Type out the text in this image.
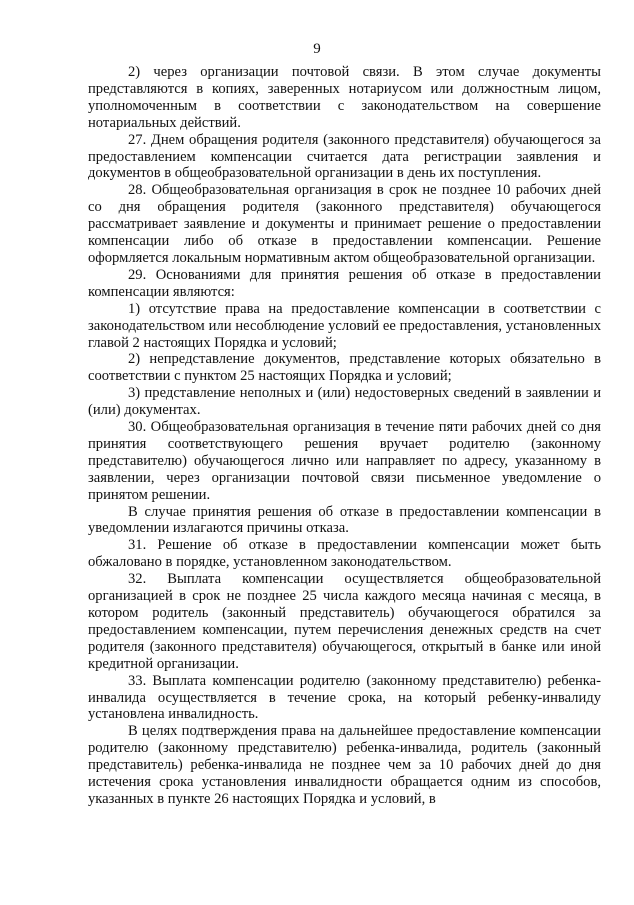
9

2) через организации почтовой связи. В этом случае документы представляются в копиях, заверенных нотариусом или должностным лицом, уполномоченным в соответствии с законодательством на совершение нотариальных действий.

27. Днем обращения родителя (законного представителя) обучающегося за предоставлением компенсации считается дата регистрации заявления и документов в общеобразовательной организации в день их поступления.

28. Общеобразовательная организация в срок не позднее 10 рабочих дней со дня обращения родителя (законного представителя) обучающегося рассматривает заявление и документы и принимает решение о предоставлении компенсации либо об отказе в предоставлении компенсации. Решение оформляется локальным нормативным актом общеобразовательной организации.

29. Основаниями для принятия решения об отказе в предоставлении компенсации являются:

1) отсутствие права на предоставление компенсации в соответствии с законодательством или несоблюдение условий ее предоставления, установленных главой 2 настоящих Порядка и условий;

2) непредставление документов, представление которых обязательно в соответствии с пунктом 25 настоящих Порядка и условий;

3) представление неполных и (или) недостоверных сведений в заявлении и (или) документах.

30. Общеобразовательная организация в течение пяти рабочих дней со дня принятия соответствующего решения вручает родителю (законному представителю) обучающегося лично или направляет по адресу, указанному в заявлении, через организации почтовой связи письменное уведомление о принятом решении.

В случае принятия решения об отказе в предоставлении компенсации в уведомлении излагаются причины отказа.

31. Решение об отказе в предоставлении компенсации может быть обжаловано в порядке, установленном законодательством.

32. Выплата компенсации осуществляется общеобразовательной организацией в срок не позднее 25 числа каждого месяца начиная с месяца, в котором родитель (законный представитель) обучающегося обратился за предоставлением компенсации, путем перечисления денежных средств на счет родителя (законного представителя) обучающегося, открытый в банке или иной кредитной организации.

33. Выплата компенсации родителю (законному представителю) ребенка-инвалида осуществляется в течение срока, на который ребенку-инвалиду установлена инвалидность.

В целях подтверждения права на дальнейшее предоставление компенсации родителю (законному представителю) ребенка-инвалида, родитель (законный представитель) ребенка-инвалида не позднее чем за 10 рабочих дней до дня истечения срока установления инвалидности обращается одним из способов, указанных в пункте 26 настоящих Порядка и условий, в
